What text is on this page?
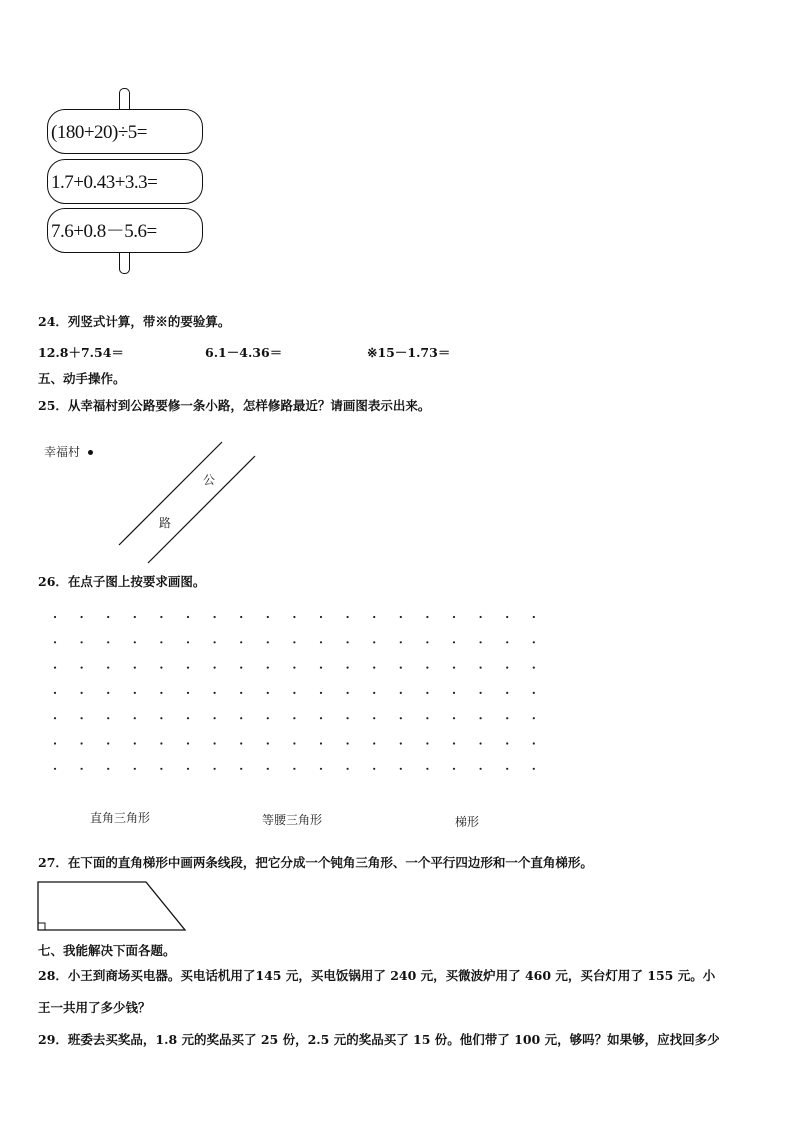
(180+20)÷5=
1.7+0.43+3.3=
7.6+0.8－5.6=
24．列竖式计算，带※的要验算。
12.8＋7.54＝	6.1－4.36＝	※15－1.73＝
五、动手操作。
25．从幸福村到公路要修一条小路，怎样修路最近？请画图表示出来。
幸福村
公
路
26．在点子图上按要求画图。
直角三角形	等腰三角形	梯形
27．在下面的直角梯形中画两条线段，把它分成一个钝角三角形、一个平行四边形和一个直角梯形。
七、我能解决下面各题。
28．小王到商场买电器。买电话机用了145 元，买电饭锅用了 240 元，买微波炉用了 460 元，买台灯用了 155 元。小
王一共用了多少钱？
29．班委去买奖品，1.8 元的奖品买了 25 份，2.5 元的奖品买了 15 份。他们带了 100 元，够吗？如果够，应找回多少
